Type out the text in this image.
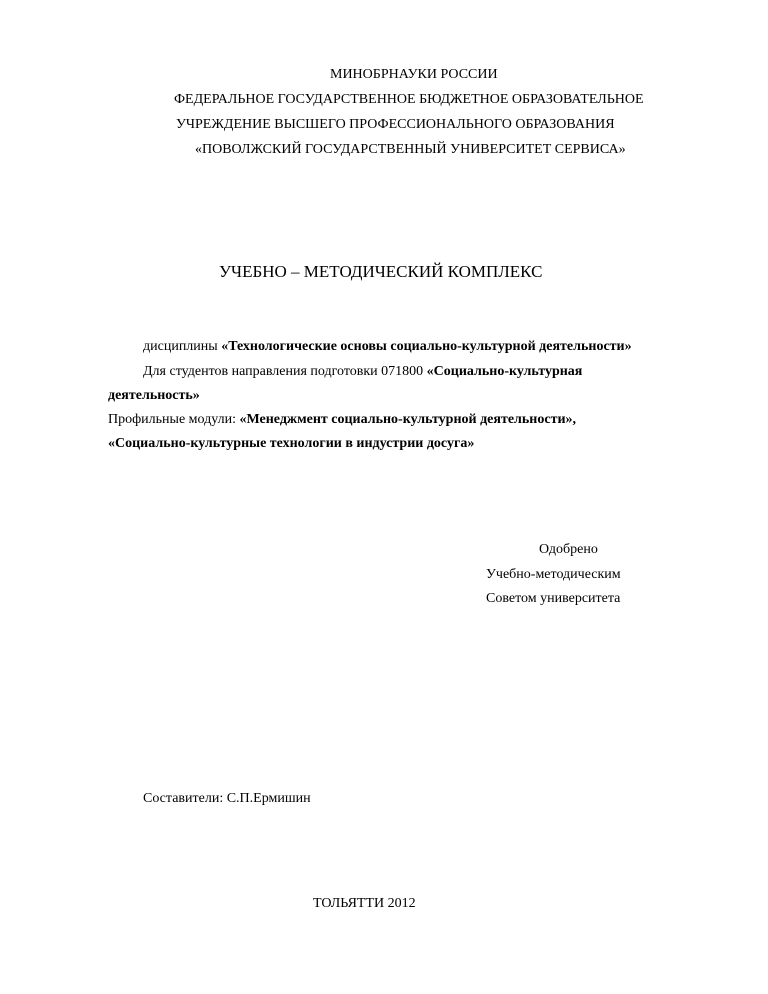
МИНОБРНАУКИ РОССИИ

ФЕДЕРАЛЬНОЕ ГОСУДАРСТВЕННОЕ БЮДЖЕТНОЕ ОБРАЗОВАТЕЛЬНОЕ

УЧРЕЖДЕНИЕ ВЫСШЕГО ПРОФЕССИОНАЛЬНОГО ОБРАЗОВАНИЯ

«ПОВОЛЖСКИЙ ГОСУДАРСТВЕННЫЙ УНИВЕРСИТЕТ СЕРВИСА»

УЧЕБНО – МЕТОДИЧЕСКИЙ КОМПЛЕКС

дисциплины «Технологические основы социально-культурной деятельности»

Для студентов направления подготовки 071800 «Социально-культурная

деятельность»

Профильные модули: «Менеджмент социально-культурной деятельности»,

«Социально-культурные технологии в индустрии досуга»

Одобрено

Учебно-методическим

Советом университета

Составители: С.П.Ермишин

ТОЛЬЯТТИ 2012
